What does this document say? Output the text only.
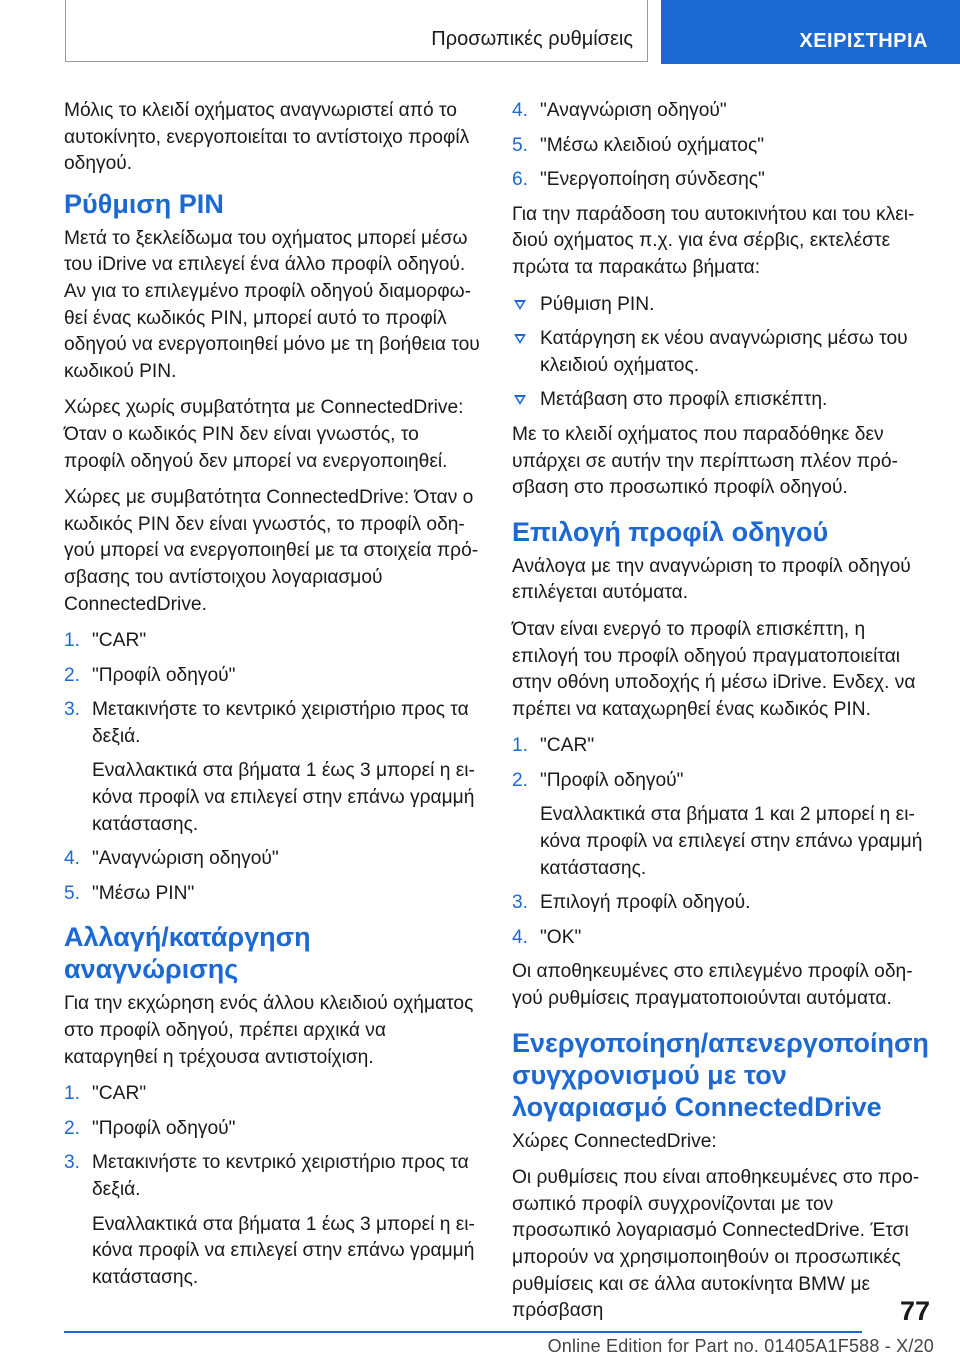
Προσωπικές ρυθμίσεις	ΧΕΙΡΙΣΤΗΡΙΑ

Μόλις το κλειδί οχήματος αναγνωριστεί από το αυτοκίνητο, ενεργοποιείται το αντίστοιχο προφίλ οδηγού.

Ρύθμιση PIN

Μετά το ξεκλείδωμα του οχήματος μπορεί μέσω του iDrive να επιλεγεί ένα άλλο προφίλ οδηγού. Αν για το επιλεγμένο προφίλ οδηγού διαμορφωθεί ένας κωδικός PIN, μπορεί αυτό το προφίλ οδηγού να ενεργοποιηθεί μόνο με τη βοήθεια του κωδικού PIN.

Χώρες χωρίς συμβατότητα με ConnectedDrive: Όταν ο κωδικός PIN δεν είναι γνωστός, το προφίλ οδηγού δεν μπορεί να ενεργοποιηθεί.

Χώρες με συμβατότητα ConnectedDrive: Όταν ο κωδικός PIN δεν είναι γνωστός, το προφίλ οδηγού μπορεί να ενεργοποιηθεί με τα στοιχεία πρόσβασης του αντίστοιχου λογαριασμού ConnectedDrive.

1. "CAR"
2. "Προφίλ οδηγού"
3. Μετακινήστε το κεντρικό χειριστήριο προς τα δεξιά.
Εναλλακτικά στα βήματα 1 έως 3 μπορεί η εικόνα προφίλ να επιλεγεί στην επάνω γραμμή κατάστασης.
4. "Αναγνώριση οδηγού"
5. "Μέσω PIN"
Αλλαγή/κατάργηση αναγνώρισης

Για την εκχώρηση ενός άλλου κλειδιού οχήματος στο προφίλ οδηγού, πρέπει αρχικά να καταργηθεί η τρέχουσα αντιστοίχιση.

1. "CAR"
2. "Προφίλ οδηγού"
3. Μετακινήστε το κεντρικό χειριστήριο προς τα δεξιά.
Εναλλακτικά στα βήματα 1 έως 3 μπορεί η εικόνα προφίλ να επιλεγεί στην επάνω γραμμή κατάστασης.
4. "Αναγνώριση οδηγού"
5. "Μέσω κλειδιού οχήματος"
6. "Ενεργοποίηση σύνδεσης"

Για την παράδοση του αυτοκινήτου και του κλειδιού οχήματος π.χ. για ένα σέρβις, εκτελέστε πρώτα τα παρακάτω βήματα:

Ρύθμιση PIN.
Κατάργηση εκ νέου αναγνώρισης μέσω του κλειδιού οχήματος.
Μετάβαση στο προφίλ επισκέπτη.

Με το κλειδί οχήματος που παραδόθηκε δεν υπάρχει σε αυτήν την περίπτωση πλέον πρόσβαση στο προσωπικό προφίλ οδηγού.

Επιλογή προφίλ οδηγού

Ανάλογα με την αναγνώριση το προφίλ οδηγού επιλέγεται αυτόματα.

Όταν είναι ενεργό το προφίλ επισκέπτη, η επιλογή του προφίλ οδηγού πραγματοποιείται στην οθόνη υποδοχής ή μέσω iDrive. Ενδεχ. να πρέπει να καταχωρηθεί ένας κωδικός PIN.

1. "CAR"
2. "Προφίλ οδηγού"
Εναλλακτικά στα βήματα 1 και 2 μπορεί η εικόνα προφίλ να επιλεγεί στην επάνω γραμμή κατάστασης.
3. Επιλογή προφίλ οδηγού.
4. "OK"

Οι αποθηκευμένες στο επιλεγμένο προφίλ οδηγού ρυθμίσεις πραγματοποιούνται αυτόματα.

Ενεργοποίηση/απενεργοποίηση συγχρονισμού με τον λογαριασμό ConnectedDrive

Χώρες ConnectedDrive:

Οι ρυθμίσεις που είναι αποθηκευμένες στο προσωπικό προφίλ συγχρονίζονται με τον προσωπικό λογαριασμό ConnectedDrive. Έτσι μπορούν να χρησιμοποιηθούν οι προσωπικές ρυθμίσεις και σε άλλα αυτοκίνητα BMW με πρόσβαση	77
Online Edition for Part no. 01405A1F588 - X/20
